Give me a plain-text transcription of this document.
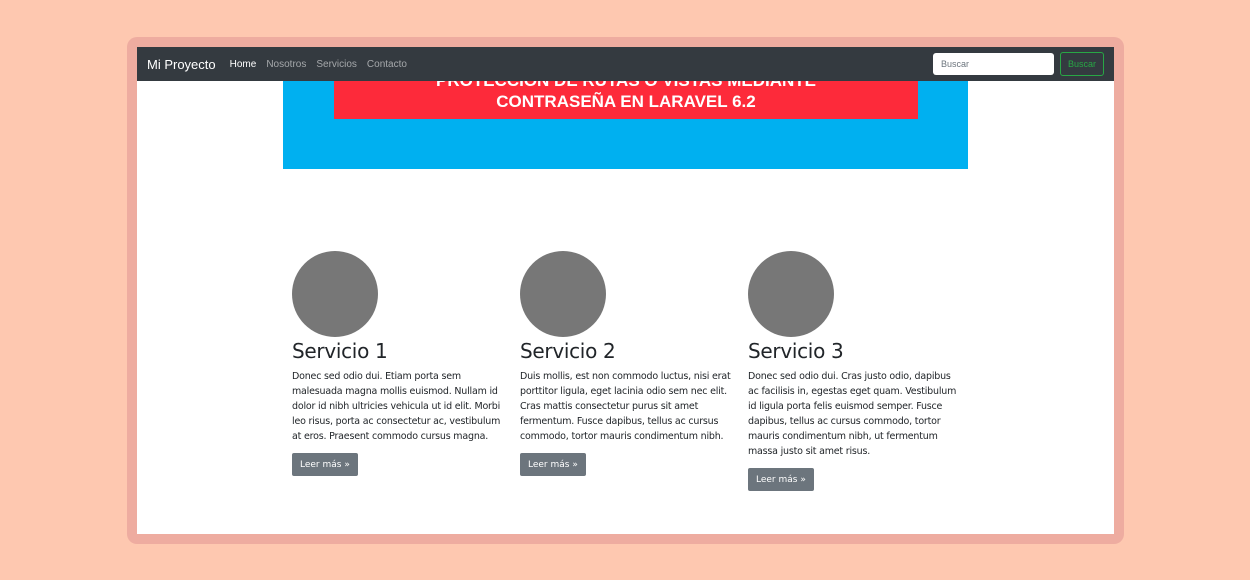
Mi Proyecto Home Nosotros Servicios Contacto
Buscar	Buscar
CONTRASEÑA EN LARAVEL 6.2
Servicio 1

Donec sed odio dui. Etiam porta sem malesuada magna mollis euismod. Nullam id dolor id nibh ultricies vehicula ut id elit. Morbi leo risus, porta ac consectetur ac, vestibulum at eros. Praesent commodo cursus magna.

Leer más »
Servicio 2

Duis mollis, est non commodo luctus, nisi erat porttitor ligula, eget lacinia odio sem nec elit. Cras mattis consectetur purus sit amet fermentum. Fusce dapibus, tellus ac cursus commodo, tortor mauris condimentum nibh.

Leer más »
Servicio 3

Donec sed odio dui. Cras justo odio, dapibus ac facilisis in, egestas eget quam. Vestibulum id ligula porta felis euismod semper. Fusce dapibus, tellus ac cursus commodo, tortor mauris condimentum nibh, ut fermentum massa justo sit amet risus.

Leer más »
